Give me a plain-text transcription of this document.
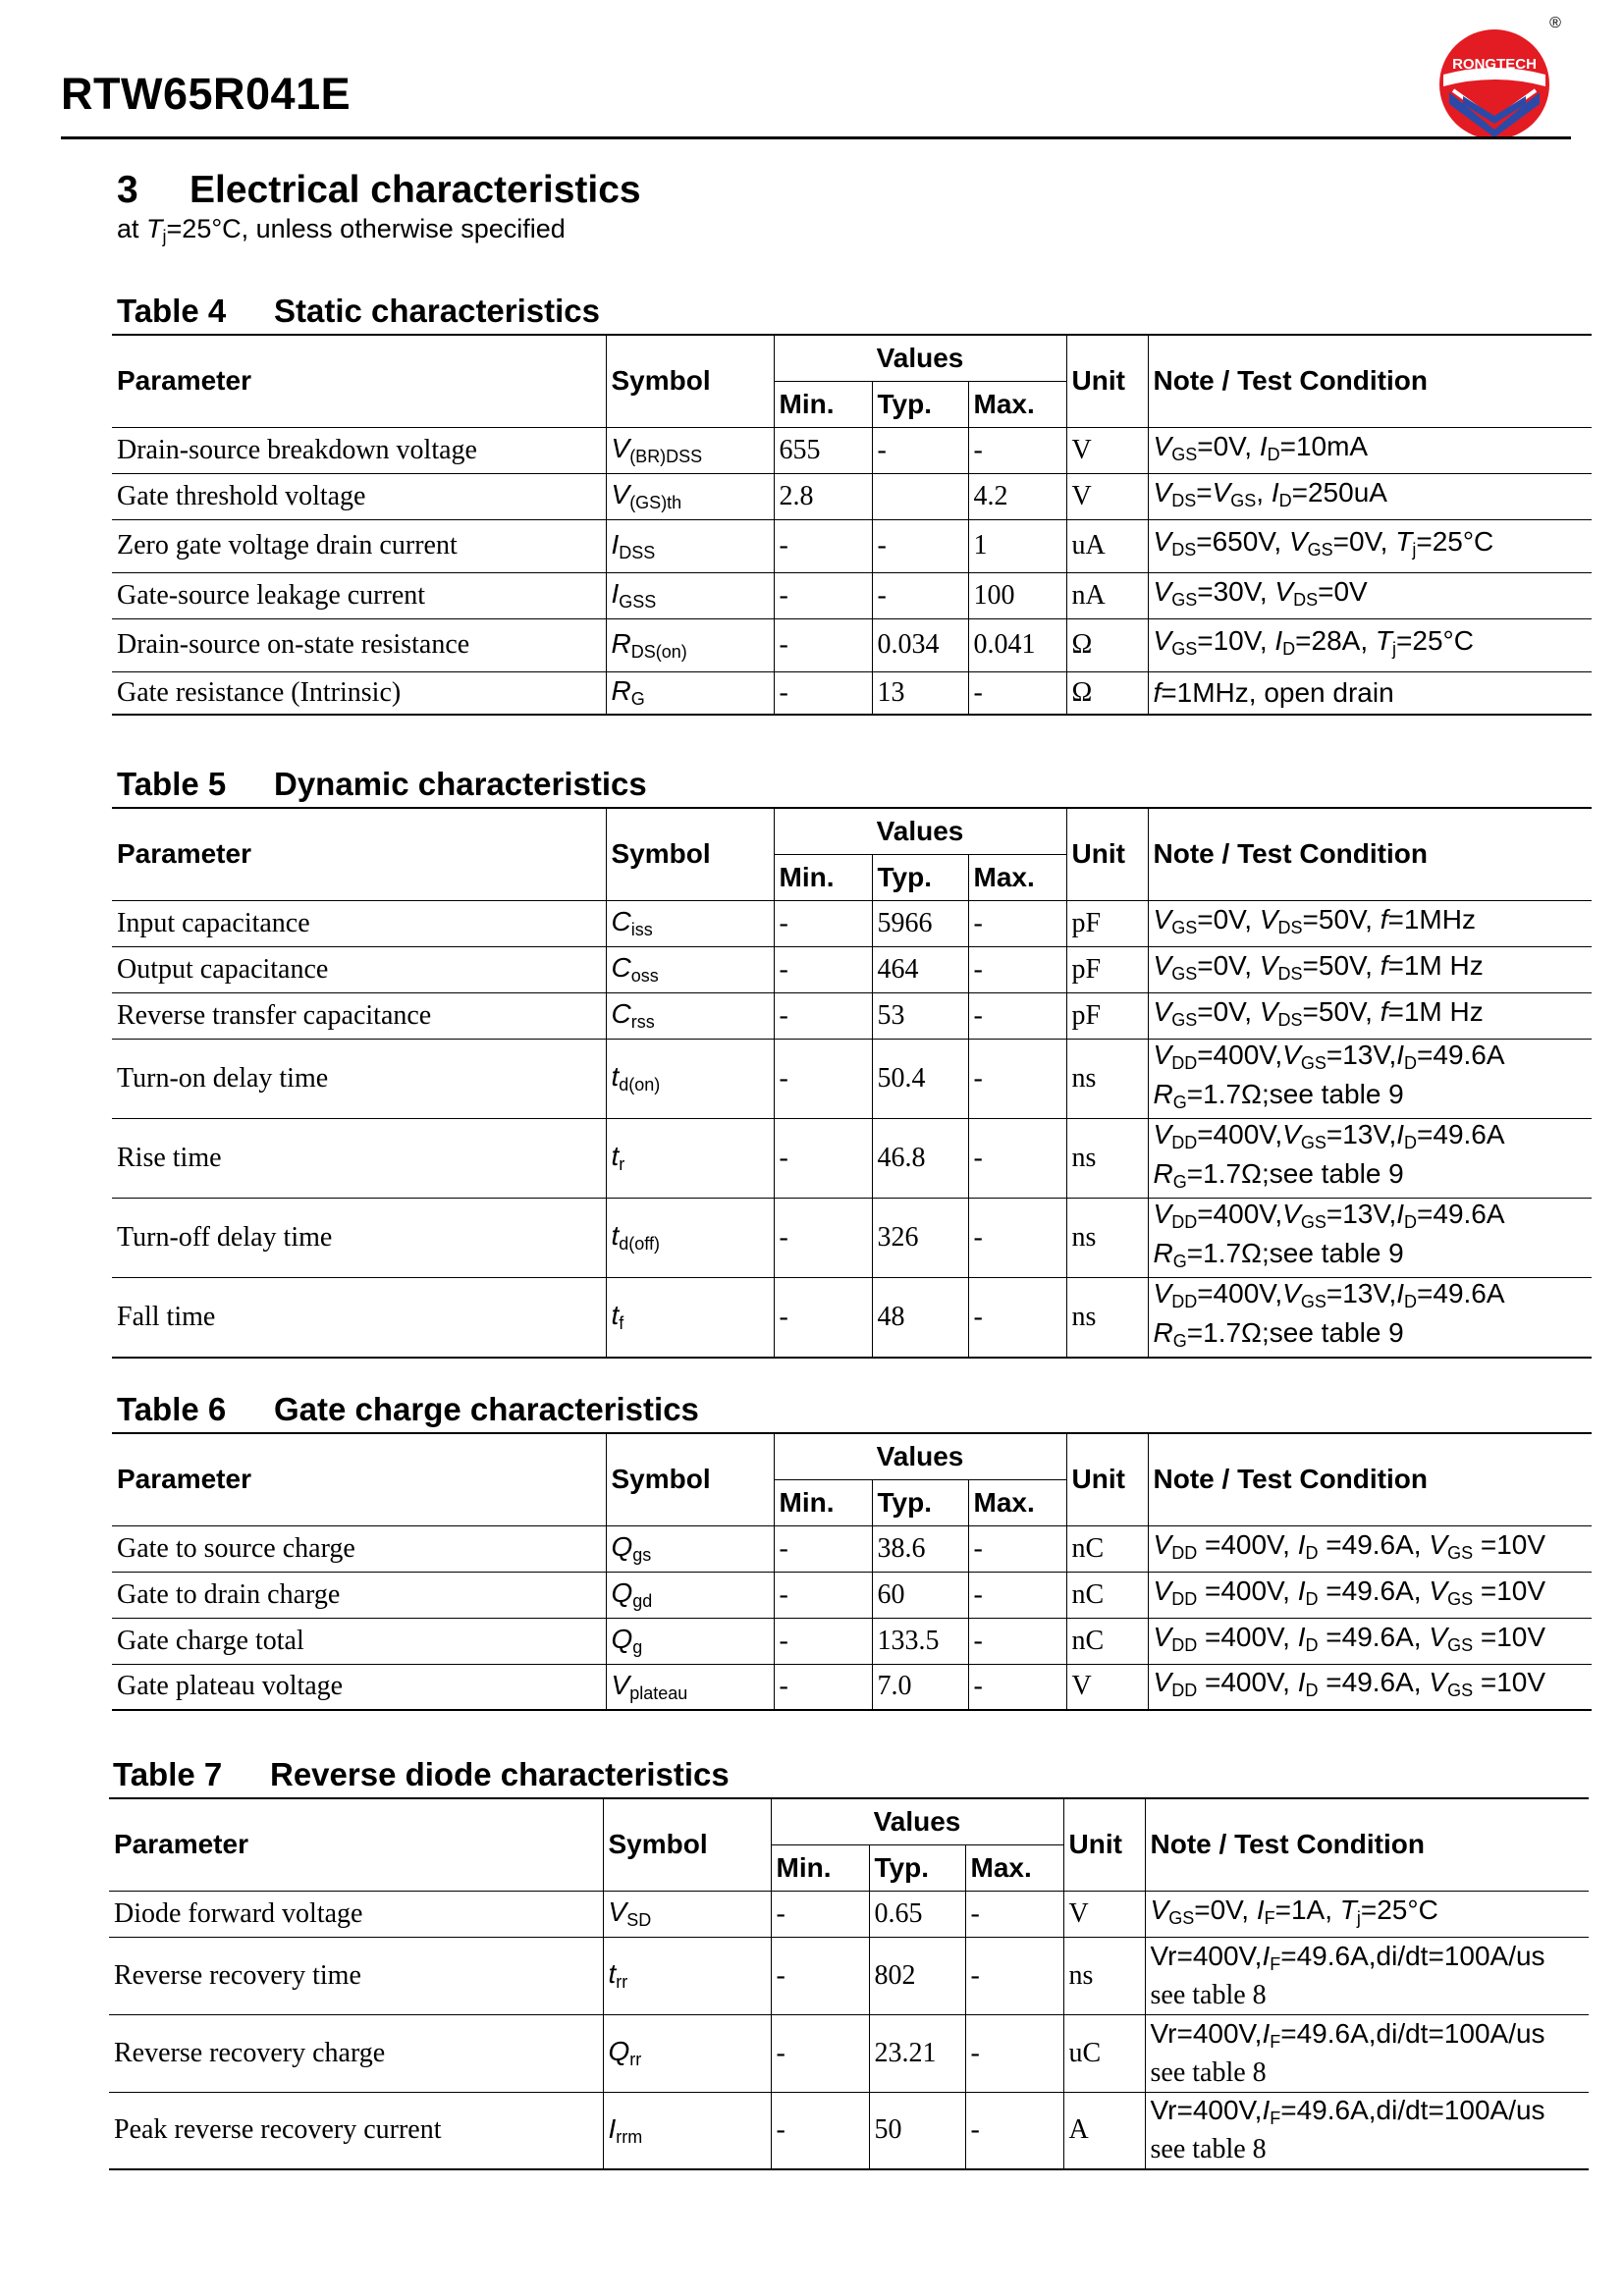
RTW65R041E
RONGTECH
®
3 Electrical characteristics
at Tj=25°C, unless otherwise specified
Table 4 Static characteristics
Parameter	Symbol	Values			Unit	Note / Test Condition
		Min.	Typ.	Max.		
Drain-source breakdown voltage	$V_{(BR)DSS}$	655	-	-	V	VGS=0V, ID=10mA

Gate threshold voltage	$V_{(GS)th}$	2.8		4.2	V	VDS=VGS, ID=250uA

Zero gate voltage drain current	$I_{DSS}$	-	-	1	uA	VDS=650V, VGS=0V, Tj=25°C

Gate-source leakage current	$I_{GSS}$	-	-	100	nA	VGS=30V, VDS=0V

Drain-source on-state resistance	$R_{DS(on)}$	-	0.034	0.041	Ω	VGS=10V, ID=28A, Tj=25°C

Gate resistance (Intrinsic)	$R_G$	-	13	-	Ω	f=1MHz, open drain
Table 5 Dynamic characteristics
Parameter	Symbol	Values			Unit	Note / Test Condition
		Min.	Typ.	Max.		
Input capacitance	$C_{iss}$	-	5966	-	pF	VGS=0V, VDS=50V, f=1MHz

Output capacitance	$C_{oss}$	-	464	-	pF	VGS=0V, VDS=50V, f=1M Hz

Reverse transfer capacitance	$C_{rss}$	-	53	-	pF	VGS=0V, VDS=50V, f=1M Hz

Turn-on delay time	$t_{d(on)}$	-	50.4	-	ns	VDD=400V,VGS=13V,ID=49.6A
RG=1.7Ω;see table 9

Rise time	$t_r$	-	46.8	-	ns	VDD=400V,VGS=13V,ID=49.6A
RG=1.7Ω;see table 9

Turn-off delay time	$t_{d(off)}$	-	326	-	ns	VDD=400V,VGS=13V,ID=49.6A
RG=1.7Ω;see table 9

Fall time	$t_f$	-	48	-	ns	VDD=400V,VGS=13V,ID=49.6A
RG=1.7Ω;see table 9
Table 6 Gate charge characteristics
Parameter	Symbol	Values			Unit	Note / Test Condition
		Min.	Typ.	Max.		
Gate to source charge	$Q_{gs}$	-	38.6	-	nC	VDD =400V, ID =49.6A, VGS =10V

Gate to drain charge	$Q_{gd}$	-	60	-	nC	VDD =400V, ID =49.6A, VGS =10V

Gate charge total	$Q_g$	-	133.5	-	nC	VDD =400V, ID =49.6A, VGS =10V

Gate plateau voltage	$V_{plateau}$	-	7.0	-	V	VDD =400V, ID =49.6A, VGS =10V
Table 7 Reverse diode characteristics
Parameter	Symbol	Values			Unit	Note / Test Condition
		Min.	Typ.	Max.		
Diode forward voltage	$V_{SD}$	-	0.65	-	V	VGS=0V, IF=1A, Tj=25°C

Reverse recovery time	$t_{rr}$	-	802	-	ns	Vr=400V,IF=49.6A,di/dt=100A/us
see table 8

Reverse recovery charge	$Q_{rr}$	-	23.21	-	uC	Vr=400V,IF=49.6A,di/dt=100A/us
see table 8

Peak reverse recovery current	$I_{rrm}$	-	50	-	A	Vr=400V,IF=49.6A,di/dt=100A/us
see table 8
